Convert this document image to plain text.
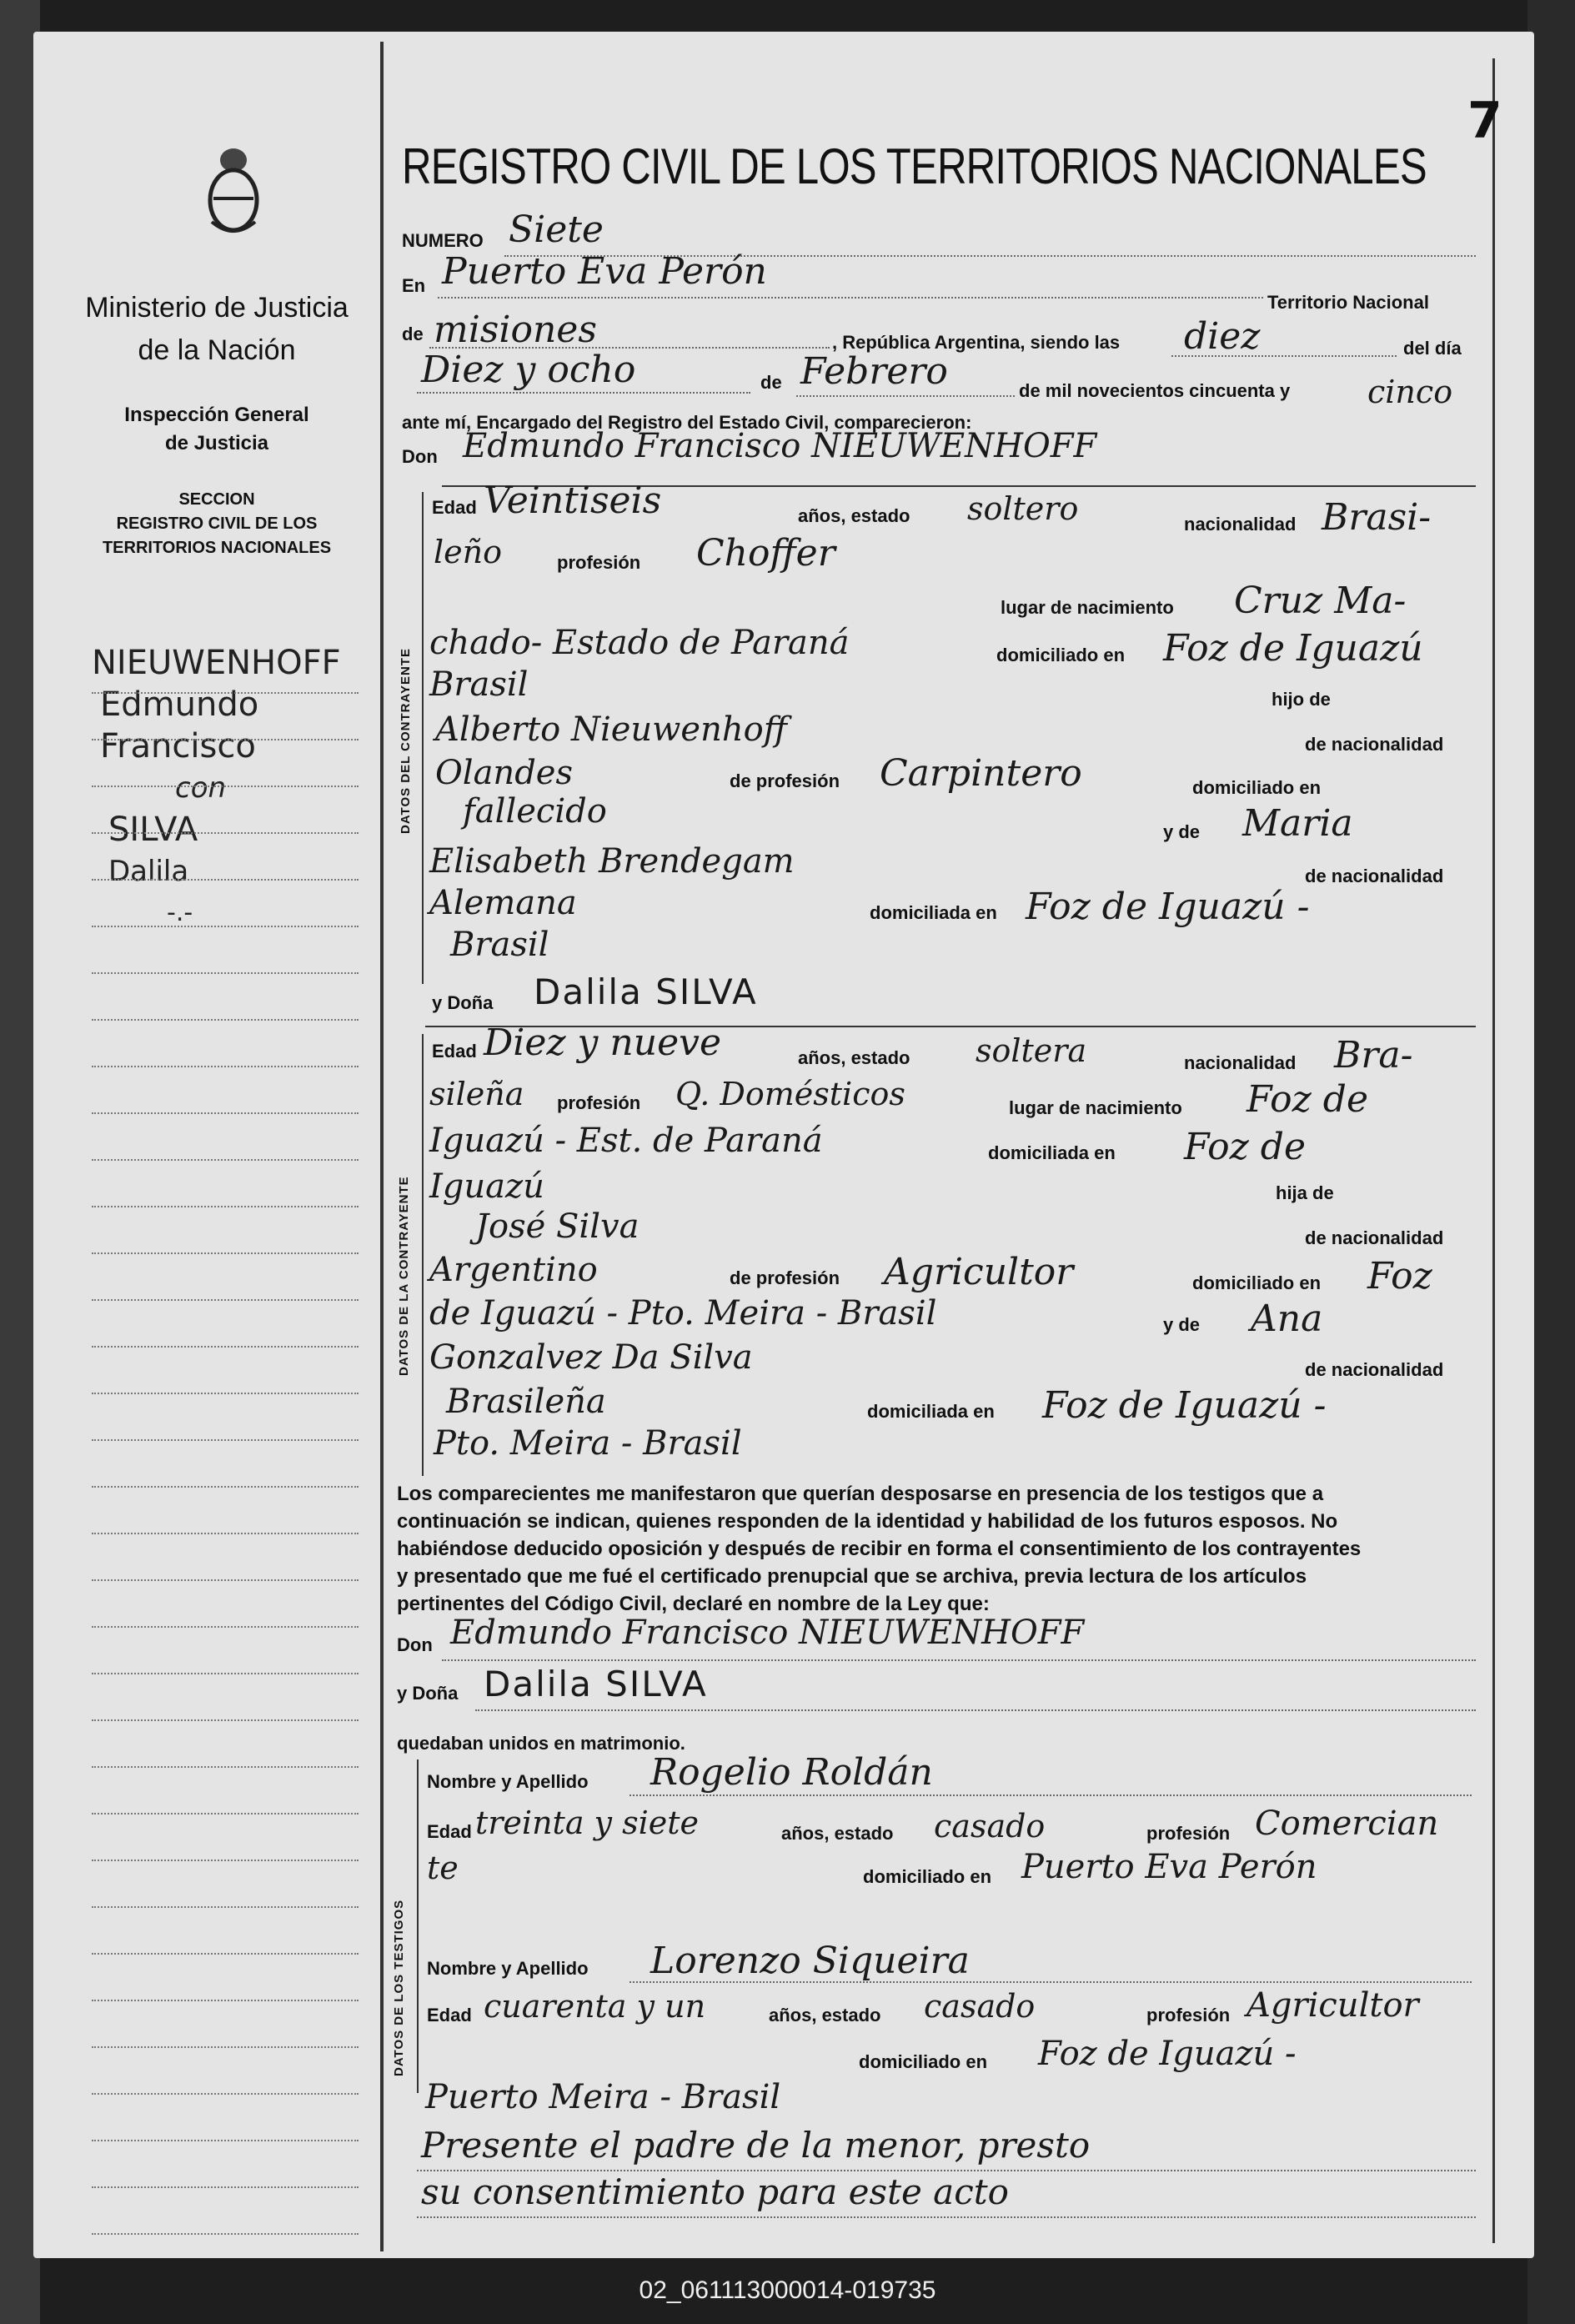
Ministerio de Justicia
de la Nación
Inspección General
de Justicia
SECCION
REGISTRO CIVIL DE LOS
TERRITORIOS NACIONALES
NIEUWENHOFF
Edmundo
Francisco
con
SILVA
Dalila
-.-
REGISTRO CIVIL DE LOS TERRITORIOS NACIONALES
7
NUMERO Siete
En Puerto Eva Perón
Territorio Nacional
de misiones	, República Argentina, siendo las diez	del día
Diez y ocho	de Febrero	de mil novecientos cincuenta y cinco
ante mí, Encargado del Registro del Estado Civil, comparecieron:
Don Edmundo Francisco NIEUWENHOFF
DATOS DEL CONTRAYENTE
Edad Veintiseis	años, estado soltero	nacionalidad Brasi-
leño	profesión Choffer
lugar de nacimiento Cruz Ma-
chado- Estado de Paraná	domiciliado en Foz de Iguazú
Brasil	hijo de
Alberto Nieuwenhoff	de nacionalidad
Olandes	de profesión Carpintero	domiciliado en
fallecido
y de Maria
Elisabeth Brendegam	de nacionalidad
Alemana	domiciliada en Foz de Iguazú -
Brasil
y Doña Dalila SILVA
DATOS DE LA CONTRAYENTE
Edad Diez y nueve	años, estado soltera	nacionalidad Bra-
sileña profesión Q. Domésticos	lugar de nacimiento Foz de
Iguazú - Est. de Paraná	domiciliada en Foz de
Iguazú	hija de
José Silva	de nacionalidad
Argentino	de profesión Agricultor	domiciliado en Foz
de Iguazú - Pto. Meira - Brasil	y de Ana
Gonzalvez Da Silva	de nacionalidad
Brasileña	domiciliada en Foz de Iguazú -
Pto. Meira - Brasil
Los comparecientes me manifestaron que querían desposarse en presencia de los testigos que a
continuación se indican, quienes responden de la identidad y habilidad de los futuros esposos. No
habiéndose deducido oposición y después de recibir en forma el consentimiento de los contrayentes
y presentado que me fué el certificado prenupcial que se archiva, previa lectura de los artículos
pertinentes del Código Civil, declaré en nombre de la Ley que:
Don Edmundo Francisco NIEUWENHOFF
y Doña Dalila SILVA
quedaban unidos en matrimonio.
DATOS DE LOS TESTIGOS
Nombre y Apellido Rogelio Roldán
Edad treinta y siete	años, estado casado	profesión Comercian
te	domiciliado en Puerto Eva Perón
Nombre y Apellido Lorenzo Siqueira
Edad cuarenta y un	años, estado casado	profesión Agricultor
domiciliado en Foz de Iguazú -
Puerto Meira - Brasil
Presente el padre de la menor, presto
su consentimiento para este acto
02_061113000014-019735
